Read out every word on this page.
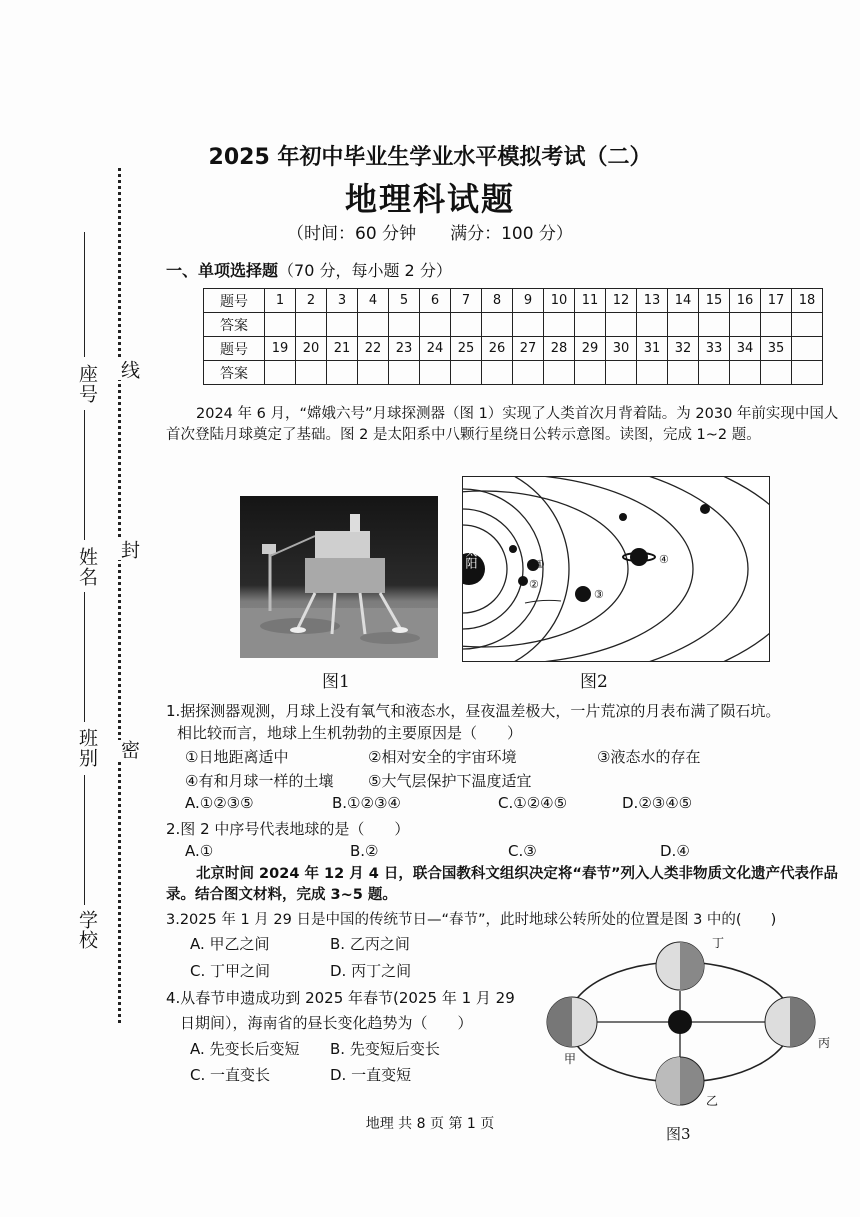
座号
姓名
班别
学校
线
封
密
2025 年初中毕业生学业水平模拟考试（二）
地理科试题
（时间：60 分钟　　满分：100 分）
一、单项选择题（70 分，每小题 2 分）
题号	1	2	3	4	5	6	7	8	9	10	11	12	13	14	15	16	17	18
答案																		
题号	19	20	21	22	23	24	25	26	27	28	29	30	31	32	33	34	35	
答案																		
2024 年 6 月，“嫦娥六号”月球探测器（图 1）实现了人类首次月背着陆。为 2030 年前实现中国人首次登陆月球奠定了基础。图 2 是太阳系中八颗行星绕日公转示意图。读图，完成 1~2 题。
图1
太阳	①
③
②
④
图2
1.据探测器观测，月球上没有氧气和液态水，昼夜温差极大，一片荒凉的月表布满了陨石坑。
相比较而言，地球上生机勃勃的主要原因是（　　）
①日地距离适中	②相对安全的宇宙环境	③液态水的存在
④有和月球一样的土壤 ⑤大气层保护下温度适宜
A.①②③⑤	B.①②③④	C.①②④⑤	D.②③④⑤
2.图 2 中序号代表地球的是（　　）
A.①	B.②	C.③	D.④
北京时间 2024 年 12 月 4 日，联合国教科文组织决定将“春节”列入人类非物质文化遗产代表作品录。结合图文材料，完成 3~5 题。
3.2025 年 1 月 29 日是中国的传统节日—“春节”，此时地球公转所处的位置是图 3 中的(　　)
A. 甲乙之间	B. 乙丙之间
C. 丁甲之间	D. 丙丁之间
4.从春节申遗成功到 2025 年春节(2025 年 1 月 29
日期间），海南省的昼长变化趋势为（　　）
A. 先变长后变短 B. 先变短后变长
C. 一直变长	D. 一直变短
丁
甲
丙
乙
图3
地理 共 8 页 第 1 页
